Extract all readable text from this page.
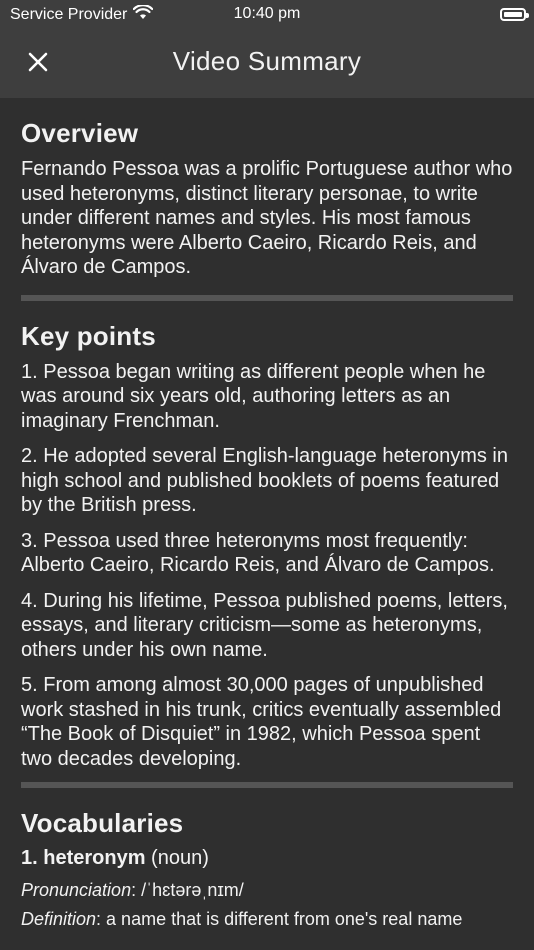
Service Provider	10:40 pm
Video Summary
Overview

Fernando Pessoa was a prolific Portuguese author who used heteronyms, distinct literary personae, to write under different names and styles. His most famous heteronyms were Alberto Caeiro, Ricardo Reis, and Álvaro de Campos.

Key points

1. Pessoa began writing as different people when he was around six years old, authoring letters as an imaginary Frenchman.

2. He adopted several English-language heteronyms in high school and published booklets of poems featured by the British press.

3. Pessoa used three heteronyms most frequently: Alberto Caeiro, Ricardo Reis, and Álvaro de Campos.

4. During his lifetime, Pessoa published poems, letters, essays, and literary criticism—some as heteronyms, others under his own name.

5. From among almost 30,000 pages of unpublished work stashed in his trunk, critics eventually assembled “The Book of Disquiet” in 1982, which Pessoa spent two decades developing.

Vocabularies

1. heteronym (noun)

Pronunciation: /ˈhɛtərəˌnɪm/

Definition: a name that is different from one's real name
